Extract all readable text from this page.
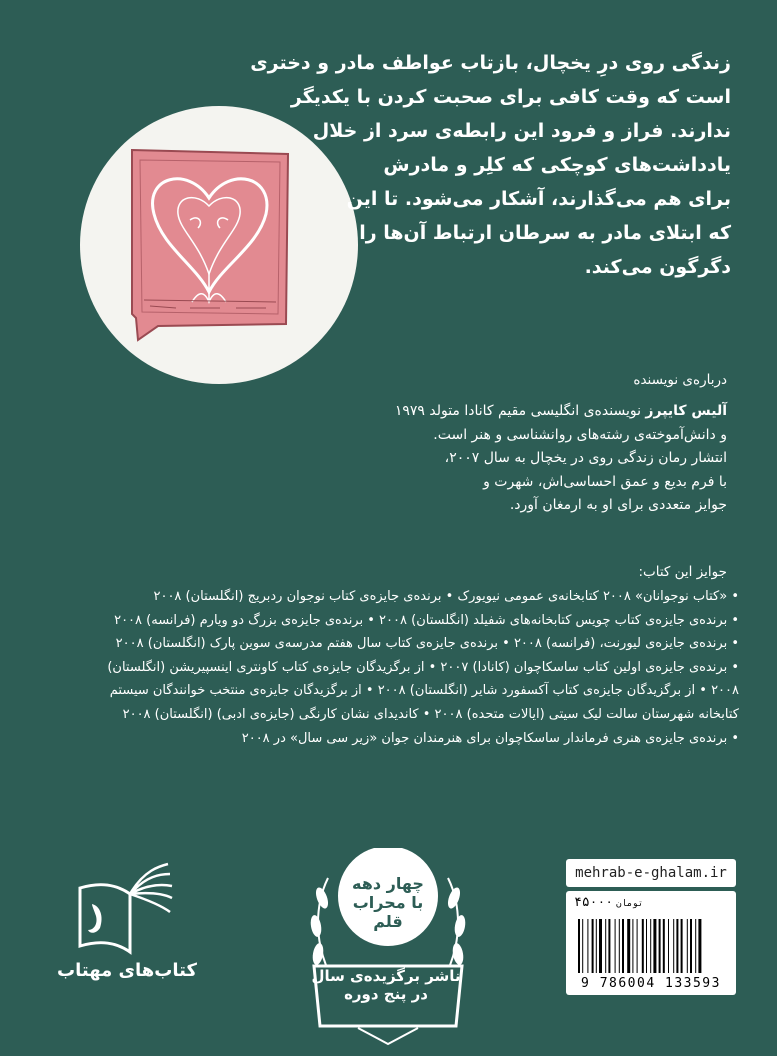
زندگی روی درِ یخچال، بازتاب عواطف مادر و دختری

است که وقت کافی برای صحبت کردن با یکدیگر

ندارند. فراز و فرود این رابطه‌ی سرد از خلال

یادداشت‌های کوچکی که کلِر و مادرش

برای هم می‌گذارند، آشکار می‌شود. تا این

که ابتلای مادر به سرطان ارتباط آن‌ها را

دگرگون می‌کند.

درباره‌ی نویسنده
آلیس کایپرز نویسنده‌ی انگلیسی مقیم کانادا متولد ۱۹۷۹
و دانش‌آموخته‌ی رشته‌های روانشناسی و هنر است.
انتشار رمان زندگی روی در یخچال به سال ۲۰۰۷،
با فرم بدیع و عمق احساسی‌اش، شهرت و
جوایز متعددی برای او به ارمغان آورد.
جوایز این کتاب:
• «کتاب نوجوانان» ۲۰۰۸ کتابخانه‌ی عمومی نیویورک • برنده‌ی جایزه‌ی کتاب نوجوان ردبریج (انگلستان) ۲۰۰۸
• برنده‌ی جایزه‌ی کتاب چویس کتابخانه‌های شفیلد (انگلستان) ۲۰۰۸ • برنده‌ی جایزه‌ی بزرگ دو ویارم (فرانسه) ۲۰۰۸
• برنده‌ی جایزه‌ی لیورنت، (فرانسه) ۲۰۰۸ • برنده‌ی جایزه‌ی کتاب سال هفتم مدرسه‌ی سوین پارک (انگلستان) ۲۰۰۸
• برنده‌ی جایزه‌ی اولین کتاب ساسکاچوان (کانادا) ۲۰۰۷ • از برگزیدگان جایزه‌ی کتاب کاونتری اینسپیریشن (انگلستان)
۲۰۰۸ • از برگزیدگان جایزه‌ی کتاب آکسفورد شایر (انگلستان) ۲۰۰۸ • از برگزیدگان جایزه‌ی منتخب خوانندگان سیستم
کتابخانه شهرستان سالت لیک سیتی (ایالات متحده) ۲۰۰۸ • کاندیدای نشان کارنگی (جایزه‌ی ادبی) (انگلستان) ۲۰۰۸
• برنده‌ی جایزه‌ی هنری فرماندار ساسکاچوان برای هنرمندان جوان «زیر سی سال» در ۲۰۰۸
کتاب‌های مهتاب
چهار دهه
با محراب قلم
ناشر برگزیده‌ی سال
در پنج دوره
mehrab-e-ghalam.ir
۴۵۰۰۰ تومان
9 786004 133593
